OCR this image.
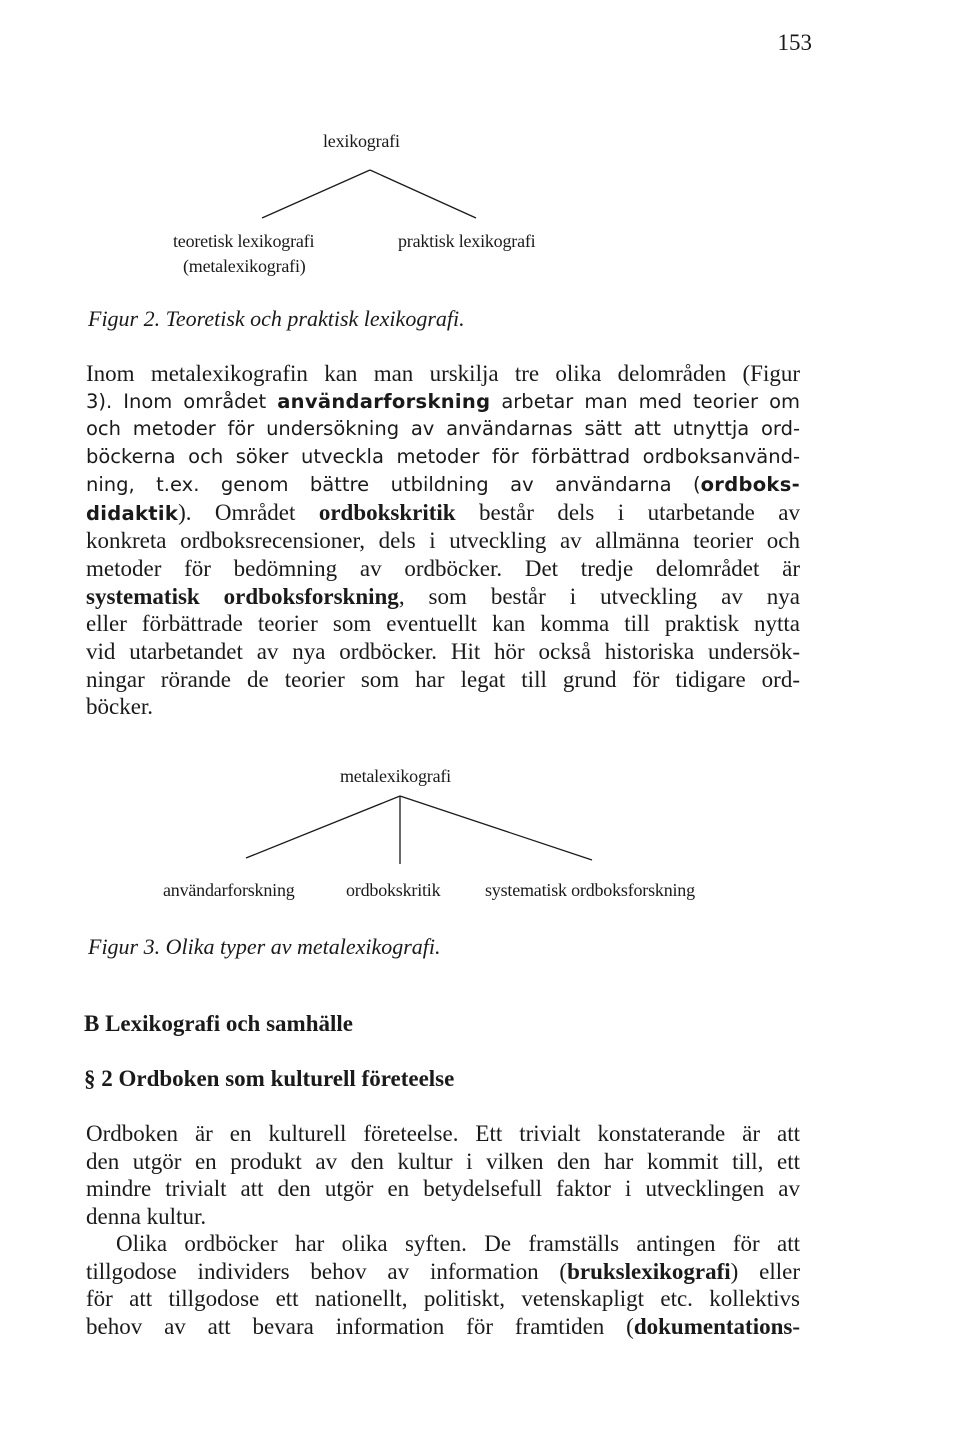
153
lexikografi
teoretisk lexikografi
(metalexikografi)
praktisk lexikografi
Figur 2. Teoretisk och praktisk lexikografi.
Inom metalexikografin kan man urskilja tre olika delområden (Figur
3). Inom området användarforskning arbetar man med teorier om
och metoder för undersökning av användarnas sätt att utnyttja ord-
böckerna och söker utveckla metoder för förbättrad ordboksanvänd-
ning, t.ex. genom bättre utbildning av användarna (ordboks-
didaktik). Området ordbokskritik består dels i utarbetande av
konkreta ordboksrecensioner, dels i utveckling av allmänna teorier och
metoder för bedömning av ordböcker. Det tredje delområdet är
systematisk ordboksforskning, som består i utveckling av nya
eller förbättrade teorier som eventuellt kan komma till praktisk nytta
vid utarbetandet av nya ordböcker. Hit hör också historiska undersök-
ningar rörande de teorier som har legat till grund för tidigare ord-
böcker.
metalexikografi
användarforskning	ordbokskritik systematisk ordboksforskning
Figur 3. Olika typer av metalexikografi.
B Lexikografi och samhälle
§ 2 Ordboken som kulturell företeelse
Ordboken är en kulturell företeelse. Ett trivialt konstaterande är att
den utgör en produkt av den kultur i vilken den har kommit till, ett
mindre trivialt att den utgör en betydelsefull faktor i utvecklingen av
denna kultur.
Olika ordböcker har olika syften. De framställs antingen för att
tillgodose individers behov av information (brukslexikografi) eller
för att tillgodose ett nationellt, politiskt, vetenskapligt etc. kollektivs
behov av att bevara information för framtiden (dokumentations-
